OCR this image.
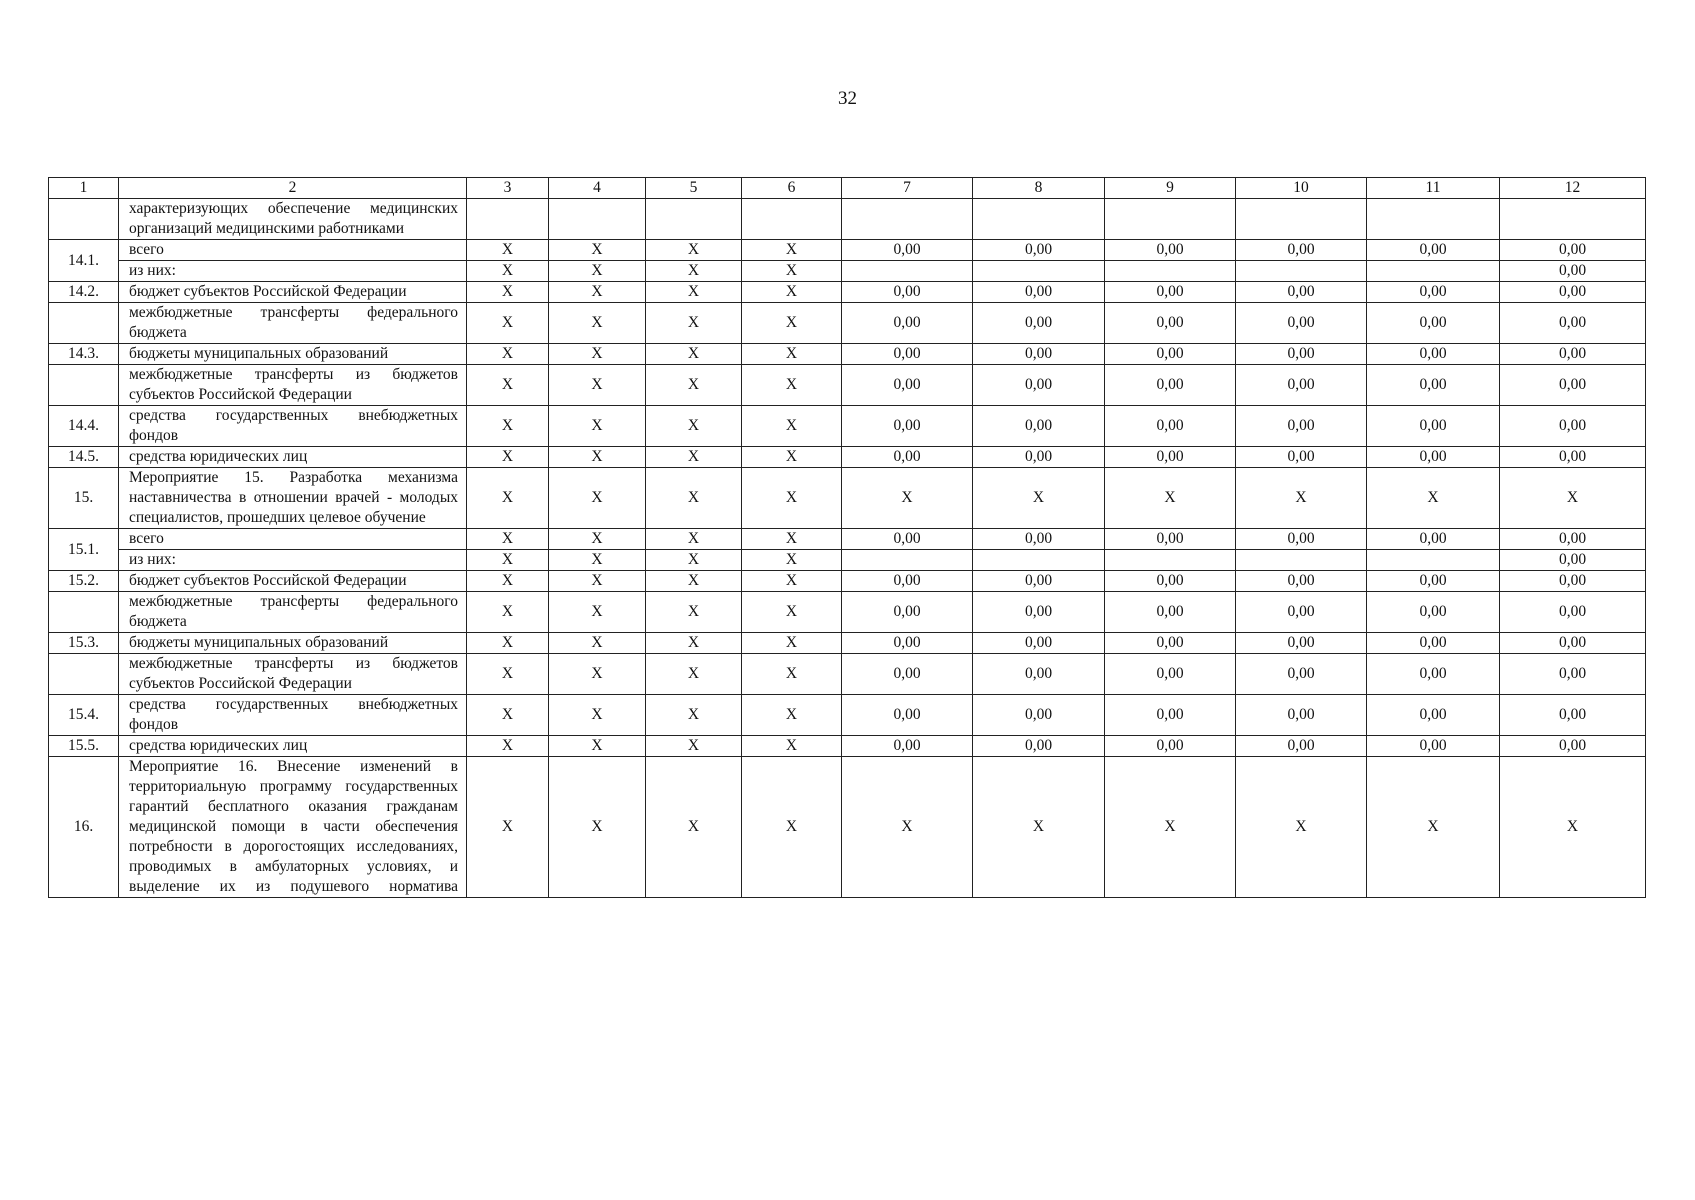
32
1	2	3	4	5	6	7	8	9	10	11	12
	характеризующих обеспечение медицинских организаций медицинскими работниками										
14.1.	всего	X	X	X	X	0,00	0,00	0,00	0,00	0,00	0,00
	из них:	X	X	X	X						0,00
14.2.	бюджет субъектов Российской Федерации	X	X	X	X	0,00	0,00	0,00	0,00	0,00	0,00
	межбюджетные трансферты федерального бюджета	X	X	X	X	0,00	0,00	0,00	0,00	0,00	0,00
14.3.	бюджеты муниципальных образований	X	X	X	X	0,00	0,00	0,00	0,00	0,00	0,00
	межбюджетные трансферты из бюджетов субъектов Российской Федерации	X	X	X	X	0,00	0,00	0,00	0,00	0,00	0,00
14.4.	средства государственных внебюджетных фондов	X	X	X	X	0,00	0,00	0,00	0,00	0,00	0,00
14.5.	средства юридических лиц	X	X	X	X	0,00	0,00	0,00	0,00	0,00	0,00
15.	Мероприятие 15. Разработка механизма наставничества в отношении врачей - молодых специалистов, прошедших целевое обучение	X	X	X	X	X	X	X	X	X	X
15.1.	всего	X	X	X	X	0,00	0,00	0,00	0,00	0,00	0,00
	из них:	X	X	X	X						0,00
15.2.	бюджет субъектов Российской Федерации	X	X	X	X	0,00	0,00	0,00	0,00	0,00	0,00
	межбюджетные трансферты федерального бюджета	X	X	X	X	0,00	0,00	0,00	0,00	0,00	0,00
15.3.	бюджеты муниципальных образований	X	X	X	X	0,00	0,00	0,00	0,00	0,00	0,00
	межбюджетные трансферты из бюджетов субъектов Российской Федерации	X	X	X	X	0,00	0,00	0,00	0,00	0,00	0,00
15.4.	средства государственных внебюджетных фондов	X	X	X	X	0,00	0,00	0,00	0,00	0,00	0,00
15.5.	средства юридических лиц	X	X	X	X	0,00	0,00	0,00	0,00	0,00	0,00
16.	Мероприятие 16. Внесение изменений в территориальную программу государственных гарантий бесплатного оказания гражданам медицинской помощи в части обеспечения потребности в дорогостоящих исследованиях, проводимых в амбулаторных условиях, и выделение их из подушевого норматива	X	X	X	X	X	X	X	X	X	X
